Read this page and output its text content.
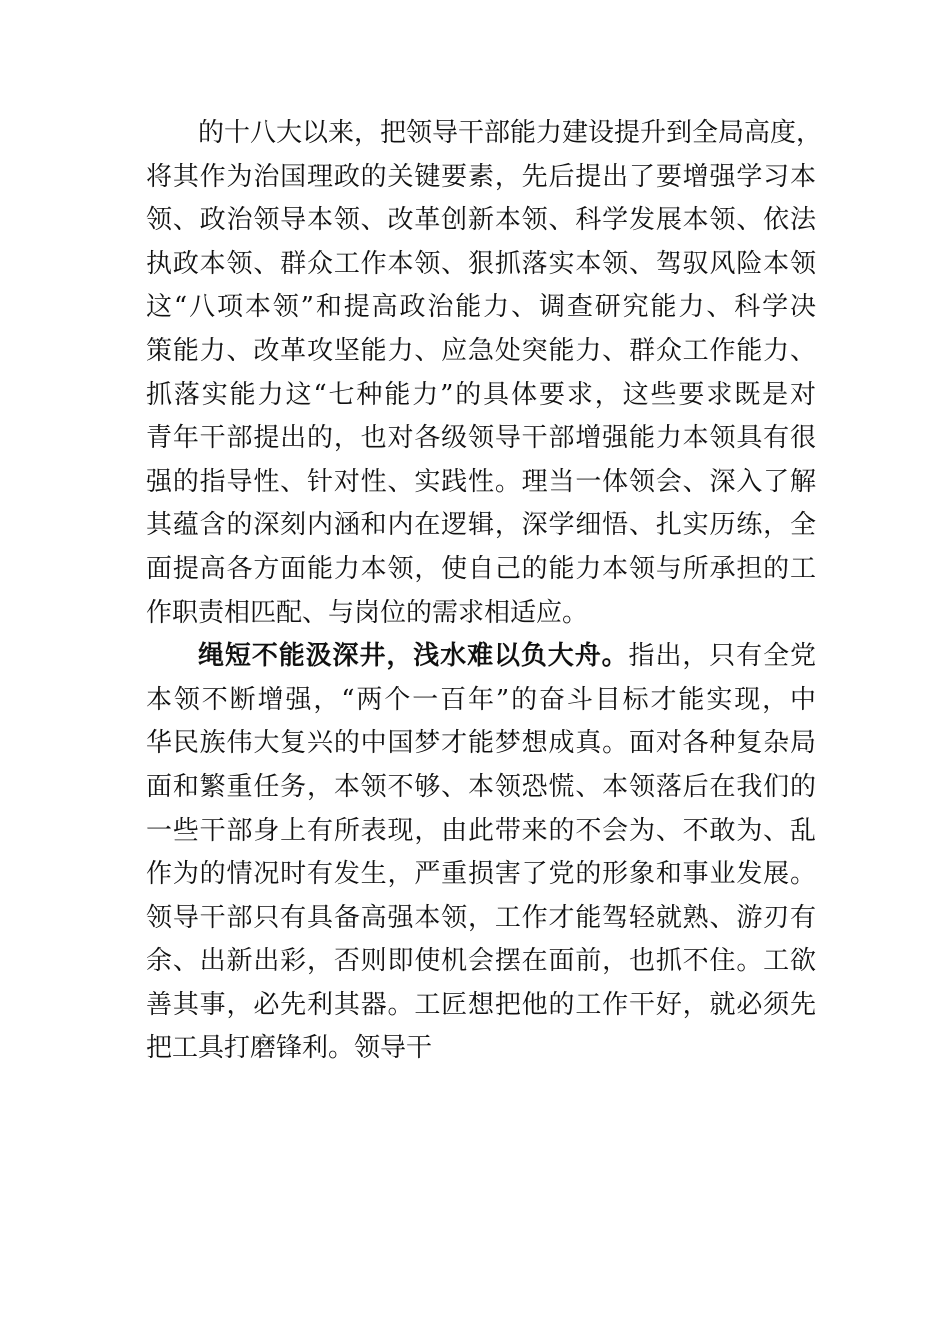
的十八大以来，把领导干部能力建设提升到全局高度，
将其作为治国理政的关键要素，先后提出了要增强学习本
领、政治领导本领、改革创新本领、科学发展本领、依法
执政本领、群众工作本领、狠抓落实本领、驾驭风险本领
这“八项本领”和提高政治能力、调查研究能力、科学决
策能力、改革攻坚能力、应急处突能力、群众工作能力、
抓落实能力这“七种能力”的具体要求，这些要求既是对
青年干部提出的，也对各级领导干部增强能力本领具有很
强的指导性、针对性、实践性。理当一体领会、深入了解
其蕴含的深刻内涵和内在逻辑，深学细悟、扎实历练，全
面提高各方面能力本领，使自己的能力本领与所承担的工
作职责相匹配、与岗位的需求相适应。
绳短不能汲深井，浅水难以负大舟。指出，只有全党
本领不断增强，“两个一百年”的奋斗目标才能实现，中
华民族伟大复兴的中国梦才能梦想成真。面对各种复杂局
面和繁重任务，本领不够、本领恐慌、本领落后在我们的
一些干部身上有所表现，由此带来的不会为、不敢为、乱
作为的情况时有发生，严重损害了党的形象和事业发展。
领导干部只有具备高强本领，工作才能驾轻就熟、游刃有
余、出新出彩，否则即使机会摆在面前，也抓不住。工欲
善其事，必先利其器。工匠想把他的工作干好，就必须先
把工具打磨锋利。领导干
